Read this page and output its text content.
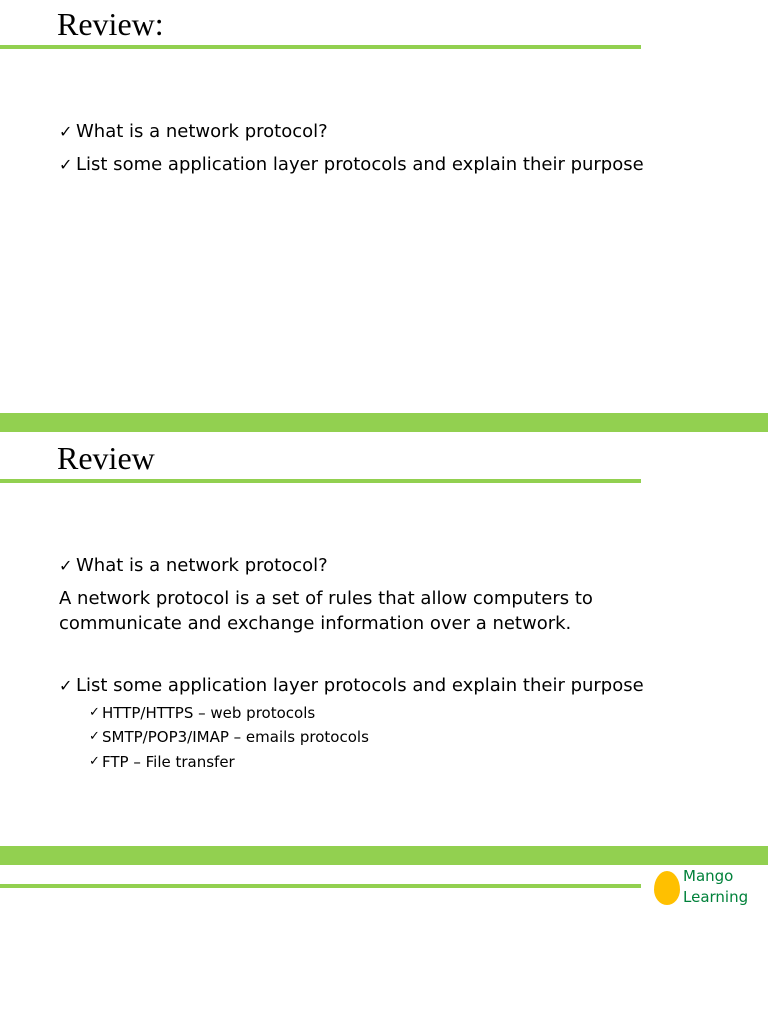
Review:
✓ What is a network protocol?
✓ List some application layer protocols and explain their purpose
Review
✓ What is a network protocol?
A network protocol is a set of rules that allow computers to communicate and exchange information over a network.
✓ List some application layer protocols and explain their purpose
✓ HTTP/HTTPS – web protocols
✓ SMTP/POP3/IMAP – emails protocols
✓ FTP – File transfer
Mango
Learning
